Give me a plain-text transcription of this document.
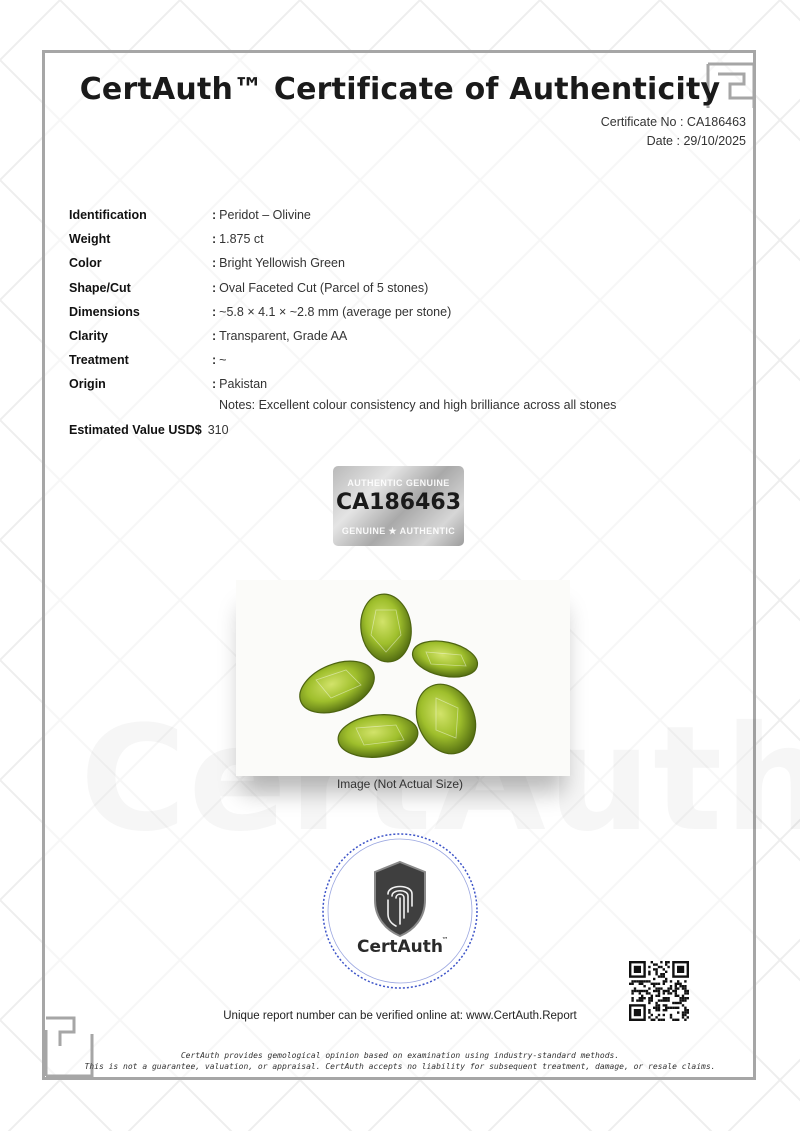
CertAuth™ Certificate of Authenticity
Certificate No : CA186463
Date : 29/10/2025
Identification	: Peridot – Olivine
Weight	: 1.875 ct
Color	: Bright Yellowish Green
Shape/Cut	: Oval Faceted Cut (Parcel of 5 stones)
Dimensions	: ~5.8 × 4.1 × ~2.8 mm (average per stone)
Clarity	: Transparent, Grade AA
Treatment	: ~
Origin	: Pakistan
Notes: Excellent colour consistency and high brilliance across all stones
Estimated Value USD$ 310
AUTHENTIC GENUINE
CA186463
GENUINE ★ AUTHENTIC
Image (Not Actual Size)
CertAuth
™
Unique report number can be verified online at: www.CertAuth.Report
CertAuth provides gemological opinion based on examination using industry-standard methods.
This is not a guarantee, valuation, or appraisal. CertAuth accepts no liability for subsequent treatment, damage, or resale claims.
